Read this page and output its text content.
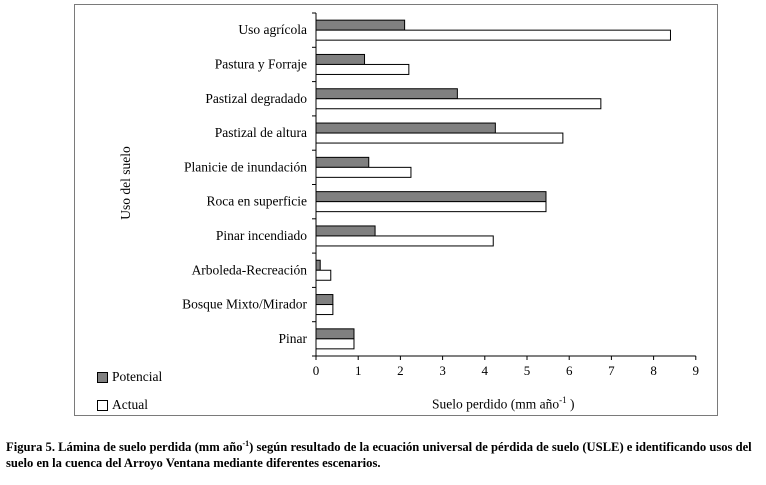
Uso agrícola
Pastura y Forraje
Pastizal degradado
Pastizal de altura
Planicie de inundación
Roca en superficie
Pinar incendiado
Arboleda-Recreación
Bosque Mixto/Mirador
Pinar
0	1	2	3	4	5	6	7	8	9
Uso del suelo
Potencial
Actual	Suelo perdido (mm año$^{-1}$ )
Figura 5. Lámina de suelo perdida (mm año$^{-1}$) según resultado de la ecuación universal de pérdida de suelo (USLE) e identificando usos del suelo en la cuenca del Arroyo Ventana mediante diferentes escenarios.
